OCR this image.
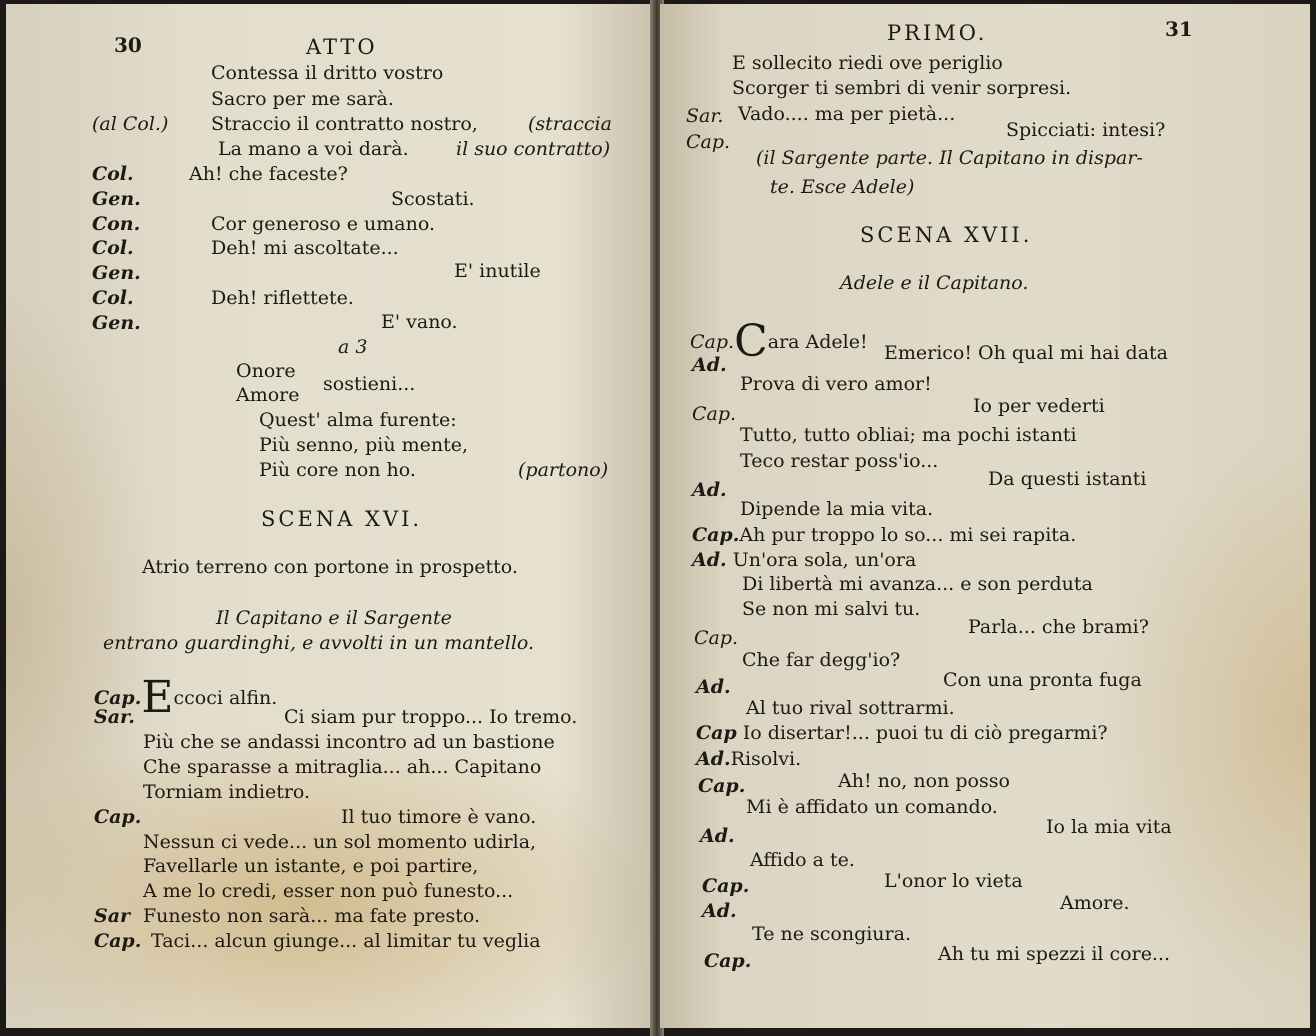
30	ATTO
Contessa il dritto vostro
Sacro per me sarà.
(al Col.) Straccio il contratto nostro,	(straccia
La mano a voi darà. il suo contratto)
Col.	Ah! che faceste?
Gen.	Scostati.
Con.	Cor generoso e umano.
Col.	Deh! mi ascoltate...
Gen.	E' inutile
Col.	Deh! riflettete.
Gen.	E' vano.
a 3
Onore
Amore sostieni...
Quest' alma furente:
Più senno, più mente,
Più core non ho.	(partono)
SCENA XVI.
Atrio terreno con portone in prospetto.
Il Capitano e il Sargente
entrano guardinghi, e avvolti in un mantello.
Cap.Eccoci alfin.
Sar.	Ci siam pur troppo... Io tremo.
Più che se andassi incontro ad un bastione
Che sparasse a mitraglia... ah... Capitano
Torniam indietro.
Cap.	Il tuo timore è vano.
Nessun ci vede... un sol momento udirla,
Favellarle un istante, e poi partire,
A me lo credi, esser non può funesto...
Sar Funesto non sarà... ma fate presto.
Cap. Taci... alcun giunge... al limitar tu veglia
PRIMO.	31
E sollecito riedi ove periglio
Scorger ti sembri di venir sorpresi.
Sar. Vado.... ma per pietà...
Cap.
Spicciati: intesi?
(il Sargente parte. Il Capitano in dispar-
te. Esce Adele)
SCENA XVII.
Adele e il Capitano.
Cap.Cara Adele!
Ad.
Emerico! Oh qual mi hai data
Prova di vero amor!
Cap.	Io per vederti
Tutto, tutto obliai; ma pochi istanti
Teco restar poss'io...
Ad.	Da questi istanti
Dipende la mia vita.
Cap.Ah pur troppo lo so... mi sei rapita.
Ad. Un'ora sola, un'ora
Di libertà mi avanza... e son perduta
Se non mi salvi tu.
Cap.	Parla... che brami?
Che far degg'io?
Ad.	Con una pronta fuga
Al tuo rival sottrarmi.
Cap Io disertar!... puoi tu di ciò pregarmi?
Ad.Risolvi.
Cap.	Ah! no, non posso
Mi è affidato un comando.
Ad.	Io la mia vita
Affido a te.
Cap.	L'onor lo vieta
Ad.	Amore.
Te ne scongiura.
Cap.	Ah tu mi spezzi il core...
